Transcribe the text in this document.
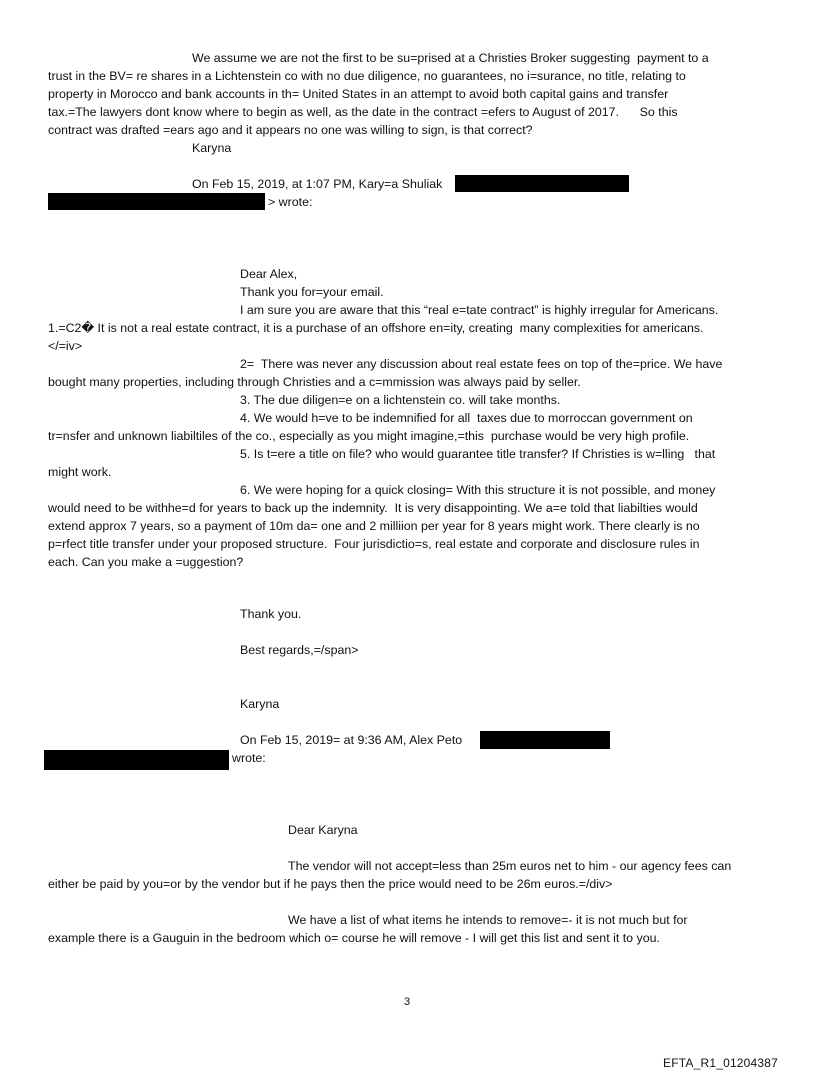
We assume we are not the first to be su=prised at a Christies Broker suggesting  payment to a
trust in the BV= re shares in a Lichtenstein co with no due diligence, no guarantees, no i=surance, no title, relating to
property in Morocco and bank accounts in th= United States in an attempt to avoid both capital gains and transfer
tax.=The lawyers dont know where to begin as well, as the date in the contract =efers to August of 2017.      So this
contract was drafted =ears ago and it appears no one was willing to sign, is that correct?
Karyna
On Feb 15, 2019, at 1:07 PM, Kary=a Shuliak
> wrote:
Dear Alex,
Thank you for=your email.
I am sure you are aware that this “real e=tate contract” is highly irregular for Americans.
1.=C2� It is not a real estate contract, it is a purchase of an offshore en=ity, creating  many complexities for americans.
</=iv>
2=  There was never any discussion about real estate fees on top of the=price. We have
bought many properties, including through Christies and a c=mmission was always paid by seller.
3. The due diligen=e on a lichtenstein co. will take months.
4. We would h=ve to be indemnified for all  taxes due to morroccan government on
tr=nsfer and unknown liabiltiles of the co., especially as you might imagine,=this  purchase would be very high profile.
5. Is t=ere a title on file? who would guarantee title transfer? If Christies is w=lling   that
might work.
6. We were hoping for a quick closing= With this structure it is not possible, and money
would need to be withhe=d for years to back up the indemnity.  It is very disappointing. We a=e told that liabilties would
extend approx 7 years, so a payment of 10m da= one and 2 milliion per year for 8 years might work. There clearly is no
p=rfect title transfer under your proposed structure.  Four jurisdictio=s, real estate and corporate and disclosure rules in
each. Can you make a =uggestion?
Thank you.
Best regards,=/span>
Karyna
On Feb 15, 2019= at 9:36 AM, Alex Peto
wrote:
Dear Karyna
The vendor will not accept=less than 25m euros net to him - our agency fees can
either be paid by you=or by the vendor but if he pays then the price would need to be 26m euros.=/div>
We have a list of what items he intends to remove=- it is not much but for
example there is a Gauguin in the bedroom which o= course he will remove - I will get this list and sent it to you.
3
EFTA_R1_01204387
